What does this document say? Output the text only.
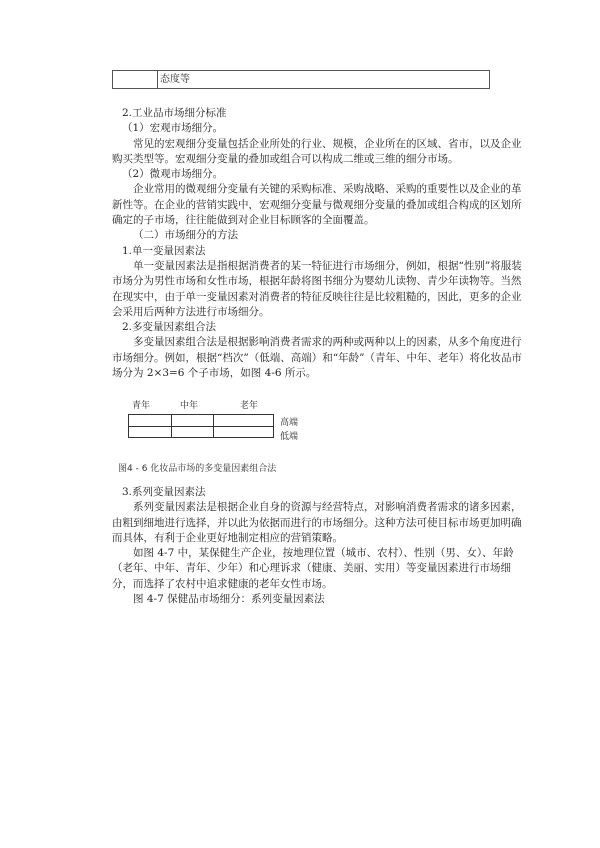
态度等

2.工业品市场细分标准

（1）宏观市场细分。

常见的宏观细分变量包括企业所处的行业、规模，企业所在的区域、省市，以及企业购买类型等。宏观细分变量的叠加或组合可以构成二维或三维的细分市场。

（2）微观市场细分。

企业常用的微观细分变量有关键的采购标准、采购战略、采购的重要性以及企业的革新性等。在企业的营销实践中，宏观细分变量与微观细分变量的叠加或组合构成的区划所确定的子市场，往往能做到对企业目标顾客的全面覆盖。

（二）市场细分的方法

1.单一变量因素法

单一变量因素法是指根据消费者的某一特征进行市场细分，例如，根据“性别”将服装市场分为男性市场和女性市场，根据年龄将图书细分为婴幼儿读物、青少年读物等。当然在现实中，由于单一变量因素对消费者的特征反映往往是比较粗糙的，因此，更多的企业会采用后两种方法进行市场细分。

2.多变量因素组合法

多变量因素组合法是根据影响消费者需求的两种或两种以上的因素，从多个角度进行市场细分。例如，根据“档次”（低端、高端）和“年龄”（青年、中年、老年）将化妆品市场分为 2×3=6 个子市场，如图 4-6 所示。

青年	中年	老年
高端
低端
图4 - 6 化妆品市场的多变量因素组合法

3.系列变量因素法

系列变量因素法是根据企业自身的资源与经营特点，对影响消费者需求的诸多因素，由粗到细地进行选择，并以此为依据而进行的市场细分。这种方法可使目标市场更加明确而具体，有利于企业更好地制定相应的营销策略。

如图 4-7 中，某保健生产企业，按地理位置（城市、农村）、性别（男、女）、年龄（老年、中年、青年、少年）和心理诉求（健康、美丽、实用）等变量因素进行市场细分，而选择了农村中追求健康的老年女性市场。

图 4-7 保健品市场细分：系列变量因素法
